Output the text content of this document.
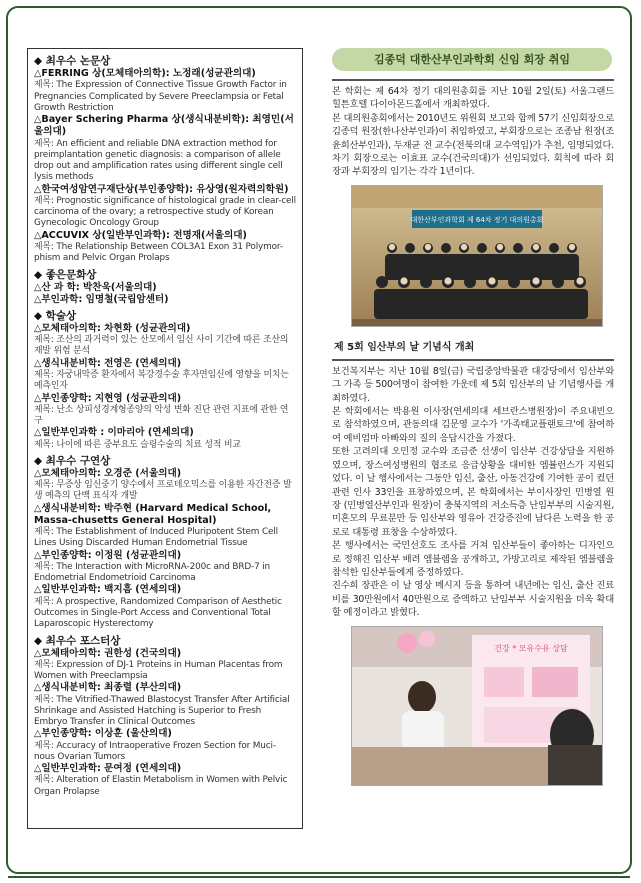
◆ 최우수 논문상
△FERRING 상(모체태아의학): 노정래(성균관의대)
제목: The Expression of Connective Tissue Growth Factor in Pregnancies Complicated by Severe Preeclampsia or Fetal Growth Restriction
△Bayer Schering Pharma 상(생식내분비학): 최영민(서울의대)
제목: An efficient and reliable DNA extraction method for preimplantation genetic diagnosis: a comparison of allele drop out and amplification rates using different single cell lysis methods
△한국여성암연구재단상(부인종양학): 유상영(원자력의학원)
제목: Prognostic significance of histological grade in clear-cell carcinoma of the ovary; a retrospective study of Korean Gynecologic Oncology Group
△ACCUVIX 상(일반부인과학): 전명재(서울의대)
제목: The Relationship Between COL3A1 Exon 31 Polymor-phism and Pelvic Organ Prolaps
◆ 좋은문화상
△산 과 학: 박찬욱(서울의대)
△부인과학: 임명철(국립암센터)
◆ 학술상
△모체태아의학: 차현화 (성균관의대)
제목: 조산의 과거력이 있는 산모에서 임신 사이 기간에 따른 조산의 재발 위험 분석
△생식내분비학: 전영은 (연세의대)
제목: 자궁내막증 환자에서 복강경수술 후자연임신에 영향을 미치는 예측인자
△부인종양학: 지현영 (성균관의대)
제목: 난소 상피성경계형종양의 악성 변화 진단 관련 지표에 관한 연구
△일반부인과학 : 이마리아 (연세의대)
제목: 나이에 따른 중부요도 슬링수술의 치료 성적 비교
◆ 최우수 구연상
△모체태아의학: 오경준 (서울의대)
제목: 무증상 임신중기 양수에서 프로테오믹스를 이용한 자간전증 발생 예측의 단백 표식자 개발
△생식내분비학: 박주현 (Harvard Medical School, Massa-chusetts General Hospital)
제목: The Establishment of Induced Pluripotent Stem Cell Lines Using Discarded Human Endometrial Tissue
△부인종양학: 이정원 (성균관의대)
제목: The Interaction with MicroRNA-200c and BRD-7 in Endometrial Endometrioid Carcinoma
△일반부인과학: 백지흠 (연세의대)
제목: A prospective, Randomized Comparison of Aesthetic Outcomes in Single-Port Access and Conventional Total Laparoscopic Hysterectomy
◆ 최우수 포스터상
△모체태아의학: 권한성 (건국의대)
제목: Expression of DJ-1 Proteins in Human Placentas from Women with Preeclampsia
△생식내분비학: 최종렬 (부산의대)
제목: The Vitrified-Thawed Blastocyst Transfer After Artificial Shrinkage and Assisted Hatching is Superior to Fresh Embryo Transfer in Clinical Outcomes
△부인종양학: 이상훈 (울산의대)
제목: Accuracy of Intraoperative Frozen Section for Muci-nous Ovarian Tumors
△일반부인과학: 문여정 (연세의대)
제목: Alteration of Elastin Metabolism in Women with Pelvic Organ Prolapse
김종덕 대한산부인과학회 신임 회장 취임
본 학회는 제 64차 정기 대의원총회를 지난 10월 2일(토) 서울그랜드 힐튼호텔 다이아몬드홀에서 개최하였다.
본 대의원총회에서는 2010년도 위원회 보고와 함께 57기 신임회장으로 김종덕 원장(한나산부인과)이 취임하였고, 부회장으로는 조종남 원장(조윤희산부인과), 두재균 전 교수(전북의대 교수역임)가 추천, 임명되었다. 차기 회장으로는 이효표 교수(건국의대)가 선임되었다. 회칙에 따라 회장과 부회장의 임기는 각각 1년이다.
대한산부인과학회 제 64차 정기 대의원총회
제 5회 임산부의 날 기념식 개최
보건복지부는 지난 10월 8일(금) 국립중앙박물관 대강당에서 임산부와 그 가족 등 500여명이 참여한 가운데 제 5회 임산부의 날 기념행사를 개최하였다.
본 학회에서는 박용원 이사장(연세의대 세브란스병원장)이 주요내빈으로 참석하였으며, 관동의대 김문영 교수가 '가족태교플랜토크'에 참여하여 예비엄마 아빠와의 질의 응답시간을 가졌다.
또한 고려의대 오민정 교수와 조금준 선생이 임산부 건강상담을 지원하였으며, 장스여성병원의 협조로 응급상황을 대비한 엠뷸런스가 지원되었다. 이 날 행사에서는 그동안 임신, 출산, 아동건강에 기여한 공이 컸던 관련 인사 33인을 표창하였으며, 본 학회에서는 부이사장인 민병열 원장 (민병열산부인과 원장)이 충북지역의 저소득층 난임부부의 시술지원, 미혼모의 무료분만 등 임산부와 영유아 건강증진에 남다른 노력을 한 공로로 대통령 표창을 수상하였다.
본 행사에서는 국민선호도 조사를 거쳐 임산부들이 좋아하는 디자인으로 정해진 임산부 배려 엠블렘을 공개하고, 가방고리로 제작된 엠블렘을 참석한 임산부들에게 증정하였다.
진수희 장관은 이 날 영상 메시지 등을 통하여 내년에는 임신, 출산 진료비를 30만원에서 40만원으로 증액하고 난임부부 시술지원을 더욱 확대할 예정이라고 밝혔다.
건강 * 모유수유 상담
